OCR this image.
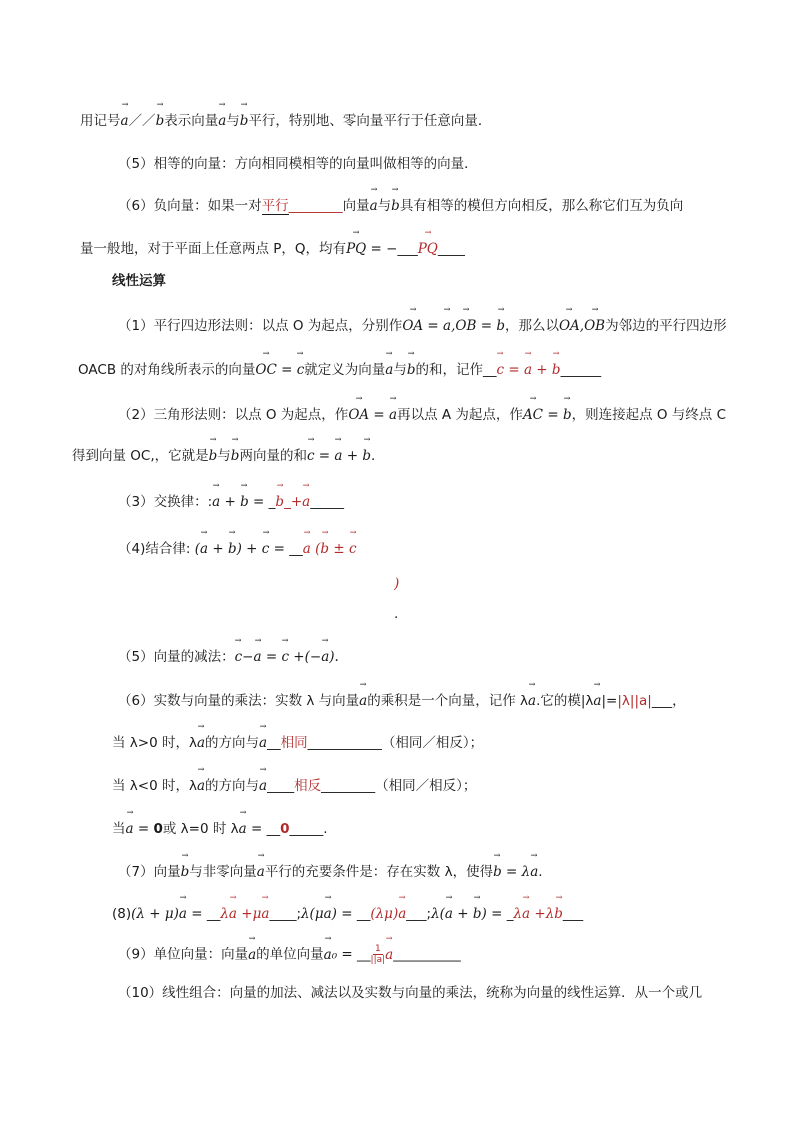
用记号→ a／／→ b表示向量→ a与→ b平行，特别地、零向量平行于任意向量．
（5）相等的向量：方向相同模相等的向量叫做相等的向量．
（6）负向量：如果一对平行________向量→ a与→ b具有相等的模但方向相反，那么称它们互为负向
量一般地，对于平面上任意两点 P，Q，均有→ PQ = −___→ PQ____
线性运算
（1）平行四边形法则：以点 O 为起点，分别作→ OA = → a,→ OB = → b，那么以→ OA,→ OB为邻边的平行四边形
OACB 的对角线所表示的向量→ OC = → c就定义为向量→ a与→ b的和，记作__→ c = → a + → b______
（2）三角形法则：以点 O 为起点，作→ OA = → a再以点 A 为起点，作→ AC = → b，则连接起点 O 与终点 C
得到向量 OC,，它就是→ b与→ b两向量的和→ c = → a + → b.
（3）交换律：:→ a + → b = _→ b_+→ a_____
（4)结合律: (→ a + → b) + → c = __→ a (→ b ± → c
)
.
（5）向量的减法：→ c−→ a = → c +(−→ a).
（6）实数与向量的乘法：实数 λ 与向量→ a的乘积是一个向量，记作 λ→ a.它的模|λ→ a|=|λ||a|___，
当 λ>0 时，λ→ a的方向与→ a__相同___________（相同／相反）；
当 λ<0 时，λ→ a的方向与→ a____相反________（相同／相反）；
当→ a = 0或 λ=0 时 λ→ a = __0_____.
（7）向量→ b与非零向量→ a平行的充要条件是：存在实数 λ，使得→ b = λ→ a.
(8)(λ + μ)→ a = __λ→ a +μ→ a____;λ(μ→ a) = __(λμ)→ a___;λ(→ a + → b) = _λ→ a +λ→ b___
（9）单位向量：向量→ a的单位向量→ a₀ = __ $\frac{1}{||a|}$
→ a__________
（10）线性组合：向量的加法、减法以及实数与向量的乘法，统称为向量的线性运算．从一个或几
